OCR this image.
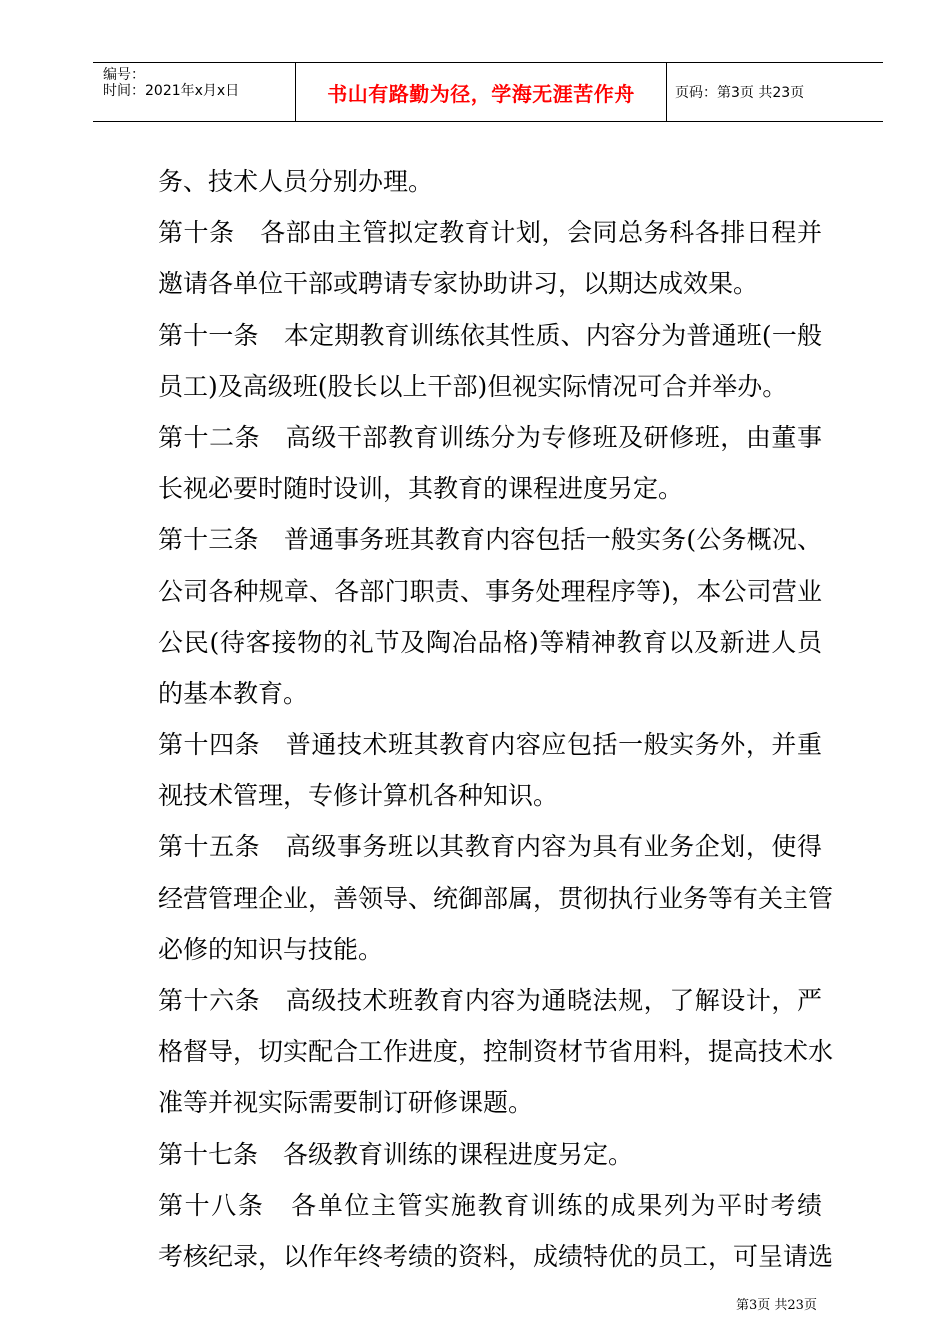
编号：
时间：2021年x月x日	书山有路勤为径，学海无涯苦作舟	页码：第3页 共23页
务、技术人员分别办理。
第十条　各部由主管拟定教育计划，会同总务科各排日程并
邀请各单位干部或聘请专家协助讲习，以期达成效果。
第十一条　本定期教育训练依其性质、内容分为普通班(一般
员工)及高级班(股长以上干部)但视实际情况可合并举办。
第十二条　高级干部教育训练分为专修班及研修班，由董事
长视必要时随时设训，其教育的课程进度另定。
第十三条　普通事务班其教育内容包括一般实务(公务概况、
公司各种规章、各部门职责、事务处理程序等)，本公司营业
公民(待客接物的礼节及陶冶品格)等精神教育以及新进人员
的基本教育。
第十四条　普通技术班其教育内容应包括一般实务外，并重
视技术管理，专修计算机各种知识。
第十五条　高级事务班以其教育内容为具有业务企划，使得
经营管理企业，善领导、统御部属，贯彻执行业务等有关主管
必修的知识与技能。
第十六条　高级技术班教育内容为通晓法规，了解设计，严
格督导，切实配合工作进度，控制资材节省用料，提高技术水
准等并视实际需要制订研修课题。
第十七条　各级教育训练的课程进度另定。
第十八条　各单位主管实施教育训练的成果列为平时考绩
考核纪录，以作年终考绩的资料，成绩特优的员工，可呈请选
第3页 共23页
